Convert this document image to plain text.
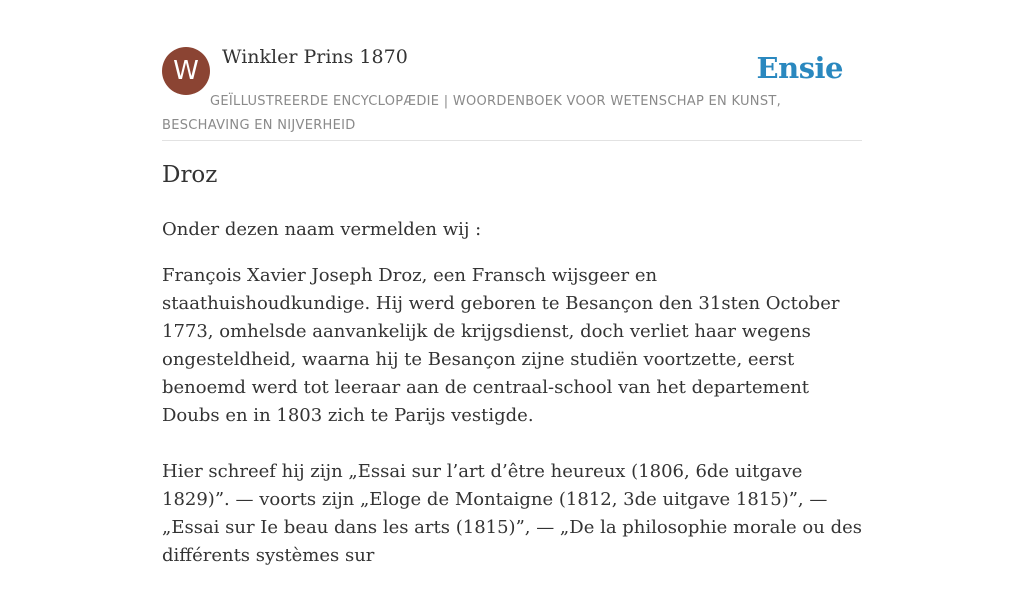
W	Winkler Prins 1870	Ensie
GEÏLLUSTREERDE ENCYCLOPÆDIE | WOORDENBOEK VOOR WETENSCHAP EN KUNST, BESCHAVING EN NIJVERHEID
Droz

Onder dezen naam vermelden wij :

François Xavier Joseph Droz, een Fransch wijsgeer en staathuishoudkundige. Hij werd geboren te Besançon den 31sten October 1773, omhelsde aanvankelijk de krijgsdienst, doch verliet haar wegens ongesteldheid, waarna hij te Besançon zijne studiën voortzette, eerst benoemd werd tot leeraar aan de centraal-school van het departement Doubs en in 1803 zich te Parijs vestigde.

Hier schreef hij zijn „Essai sur l’art d’être heureux (1806, 6de uitgave 1829)”. — voorts zijn „Eloge de Montaigne (1812, 3de uitgave 1815)”, — „Essai sur Ie beau dans les arts (1815)”, — „De la philosophie morale ou des différents systèmes sur
